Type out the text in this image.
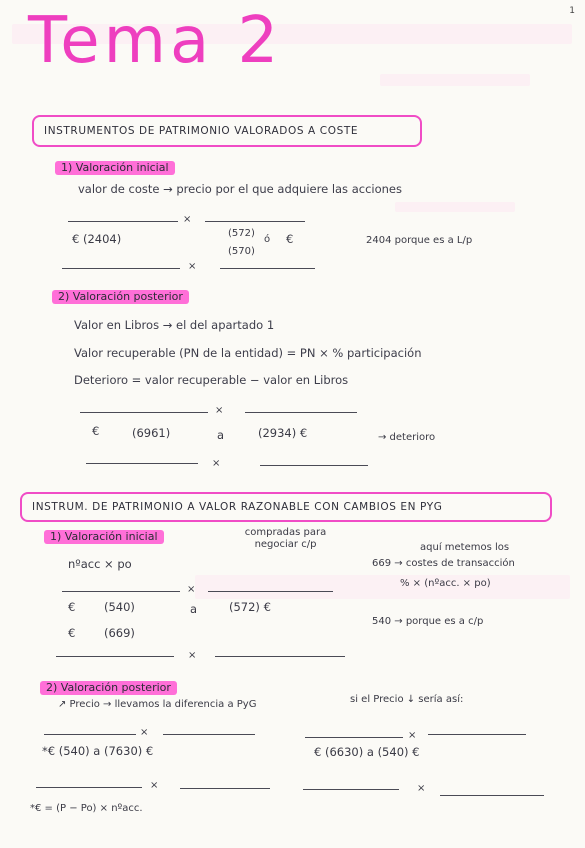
1
Tema 2
INSTRUMENTOS DE PATRIMONIO VALORADOS A COSTE
1) Valoración inicial
valor de coste → precio por el que adquiere las acciones
×
€ (2404)	(572)
ó €
(570)
2404 porque es a L/p
×
2) Valoración posterior
Valor en Libros → el del apartado 1
Valor recuperable (PN de la entidad) = PN × % participación
Deterioro = valor recuperable − valor en Libros
×
€	(6961)	a	(2934) €	→ deterioro
×
INSTRUM. DE PATRIMONIO A VALOR RAZONABLE CON CAMBIOS EN PYG
1) Valoración inicial	compradas para negociar c/p
nºacc × po
aquí metemos los
669 → costes de transacción
% × (nºacc. × po)
×
€ (540)	a	(572) €
540 → porque es a c/p
€ (669)
×
2) Valoración posterior
↗ Precio → llevamos la diferencia a PyG	si el Precio ↓ sería así:
×	×
*€ (540) a (7630) €	€ (6630) a (540) €
×	×
*€ = (P − Po) × nºacc.
